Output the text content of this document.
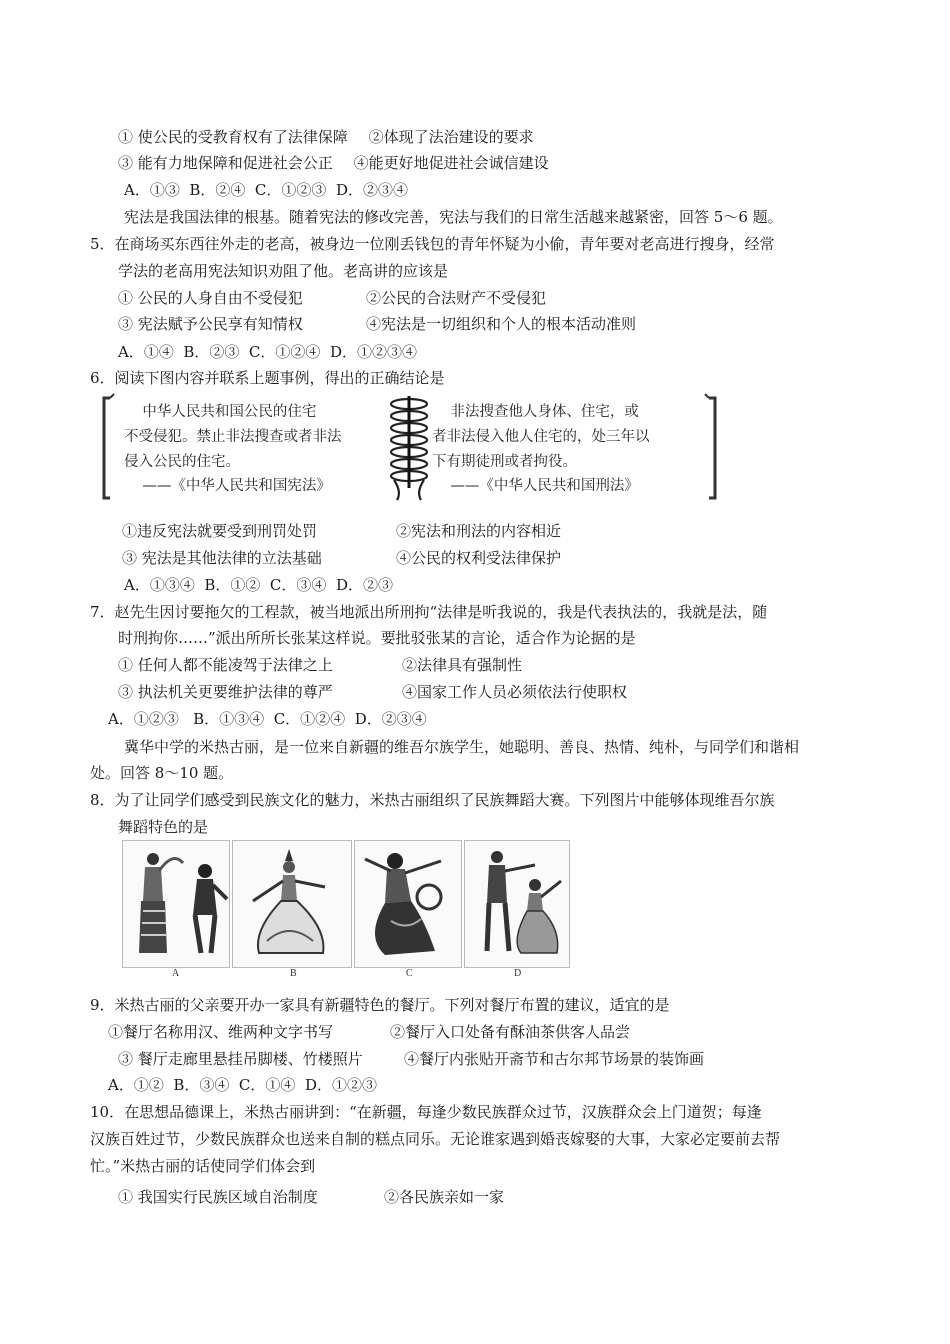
① 使公民的受教育权有了法律保障 ②体现了法治建设的要求
③ 能有力地保障和促进社会公正 ④能更好地促进社会诚信建设
A．①③  B．②④  C．①②③  D．②③④
宪法是我国法律的根基。随着宪法的修改完善，宪法与我们的日常生活越来越紧密，回答 5～6 题。
5．在商场买东西往外走的老高，被身边一位刚丢钱包的青年怀疑为小偷，青年要对老高进行搜身，经常
学法的老高用宪法知识劝阻了他。老高讲的应该是
① 公民的人身自由不受侵犯	②公民的合法财产不受侵犯
③ 宪法赋予公民享有知情权	④宪法是一切组织和个人的根本活动准则
A．①④  B．②③  C．①②④  D．①②③④
6．阅读下图内容并联系上题事例，得出的正确结论是
中华人民共和国公民的住宅
不受侵犯。禁止非法搜查或者非法
侵入公民的住宅。
——《中华人民共和国宪法》
非法搜查他人身体、住宅，或
者非法侵入他人住宅的，处三年以
下有期徒刑或者拘役。
——《中华人民共和国刑法》
①违反宪法就要受到刑罚处罚	②宪法和刑法的内容相近
③ 宪法是其他法律的立法基础	④公民的权利受法律保护
A．①③④  B．①②  C．③④  D．②③
7．赵先生因讨要拖欠的工程款，被当地派出所刑拘“法律是听我说的，我是代表执法的，我就是法，随
时刑拘你……”派出所所长张某这样说。要批驳张某的言论，适合作为论据的是
① 任何人都不能凌驾于法律之上	②法律具有强制性
③ 执法机关更要维护法律的尊严	④国家工作人员必须依法行使职权
A．①②③   B．①③④  C．①②④  D．②③④
冀华中学的米热古丽，是一位来自新疆的维吾尔族学生，她聪明、善良、热情、纯朴，与同学们和谐相
处。回答 8～10 题。
8．为了让同学们感受到民族文化的魅力，米热古丽组织了民族舞蹈大赛。下列图片中能够体现维吾尔族
舞蹈特色的是
A	B	C	D
9．米热古丽的父亲要开办一家具有新疆特色的餐厅。下列对餐厅布置的建议，适宜的是
①餐厅名称用汉、维两种文字书写	②餐厅入口处备有酥油茶供客人品尝
③ 餐厅走廊里悬挂吊脚楼、竹楼照片	④餐厅内张贴开斋节和古尔邦节场景的装饰画
A．①②  B．③④  C．①④  D．①②③
10．在思想品德课上，米热古丽讲到：“在新疆，每逢少数民族群众过节，汉族群众会上门道贺；每逢
汉族百姓过节，少数民族群众也送来自制的糕点同乐。无论谁家遇到婚丧嫁娶的大事，大家必定要前去帮
忙。”米热古丽的话使同学们体会到
① 我国实行民族区域自治制度	②各民族亲如一家
